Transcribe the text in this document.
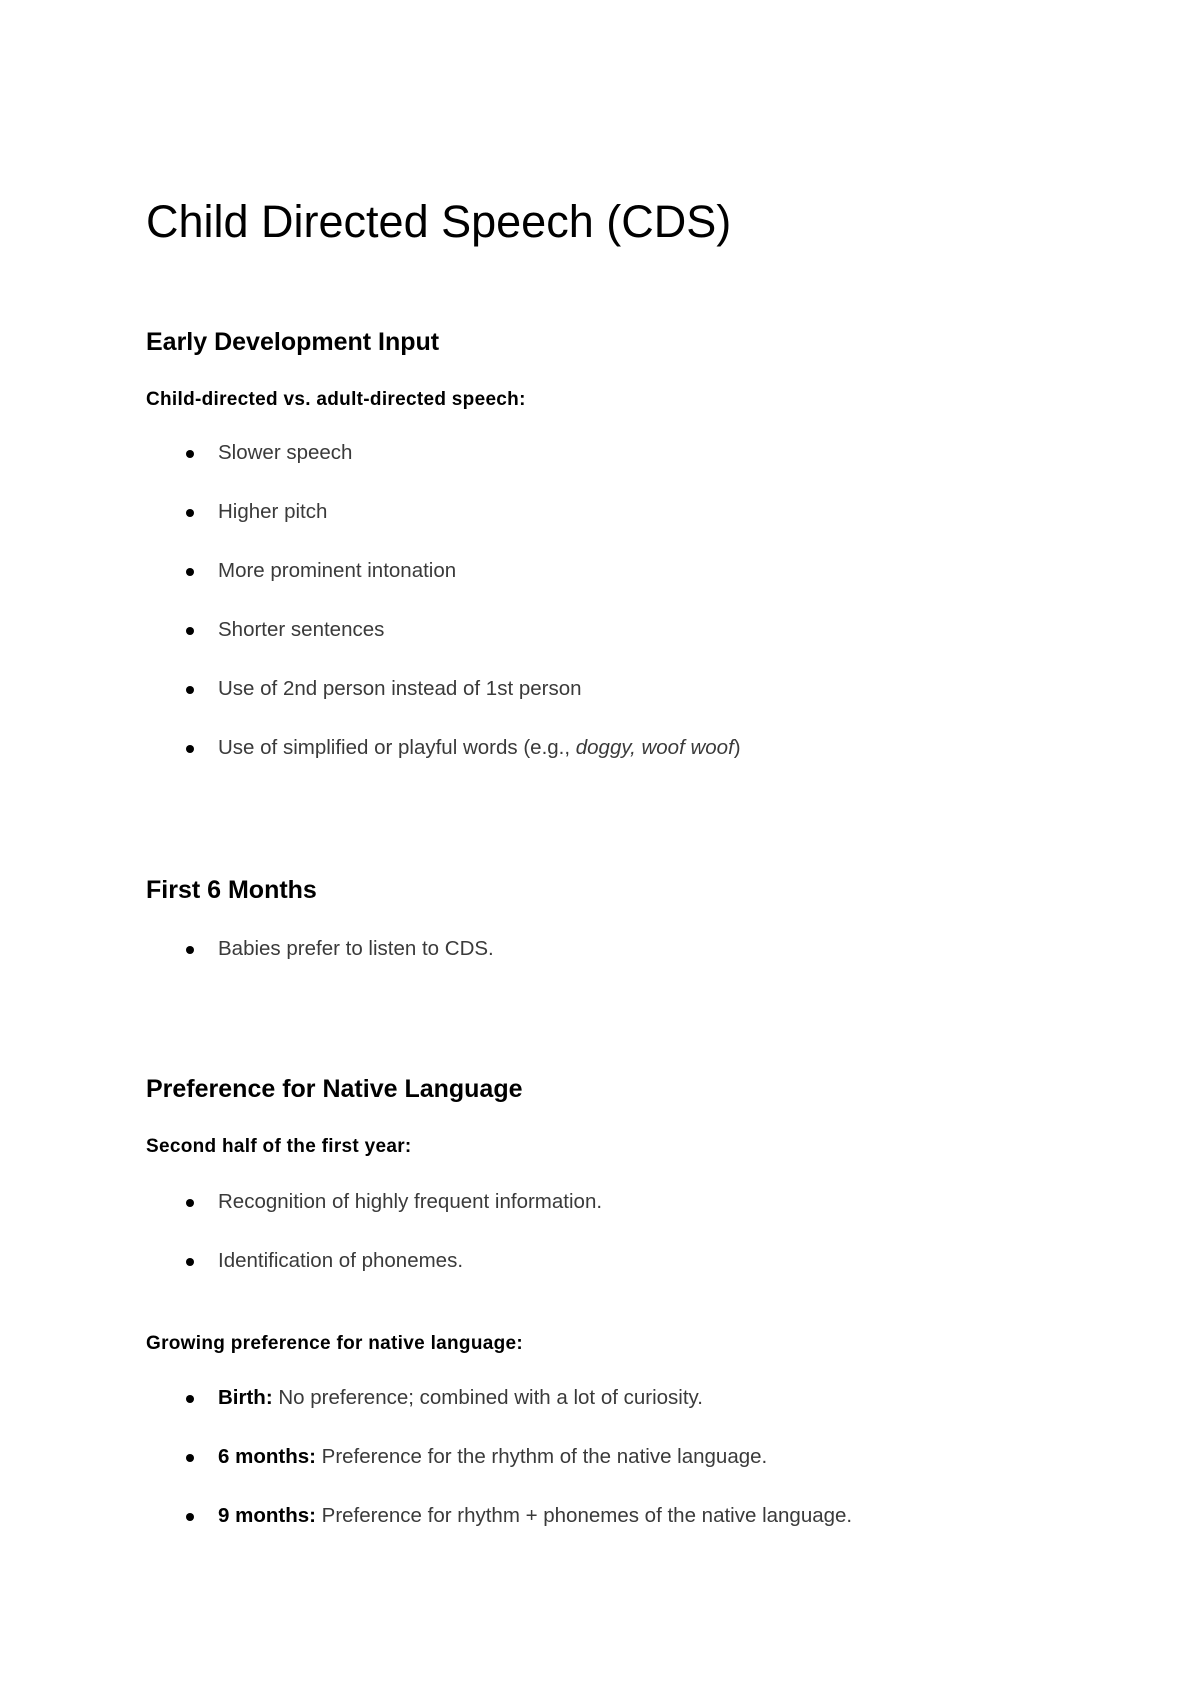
Child Directed Speech (CDS)
Early Development Input
Child-directed vs. adult-directed speech:
Slower speech
Higher pitch
More prominent intonation
Shorter sentences
Use of 2nd person instead of 1st person
Use of simplified or playful words (e.g., doggy, woof woof)
First 6 Months
Babies prefer to listen to CDS.
Preference for Native Language
Second half of the first year:
Recognition of highly frequent information.
Identification of phonemes.
Growing preference for native language:
Birth: No preference; combined with a lot of curiosity.
6 months: Preference for the rhythm of the native language.
9 months: Preference for rhythm + phonemes of the native language.
